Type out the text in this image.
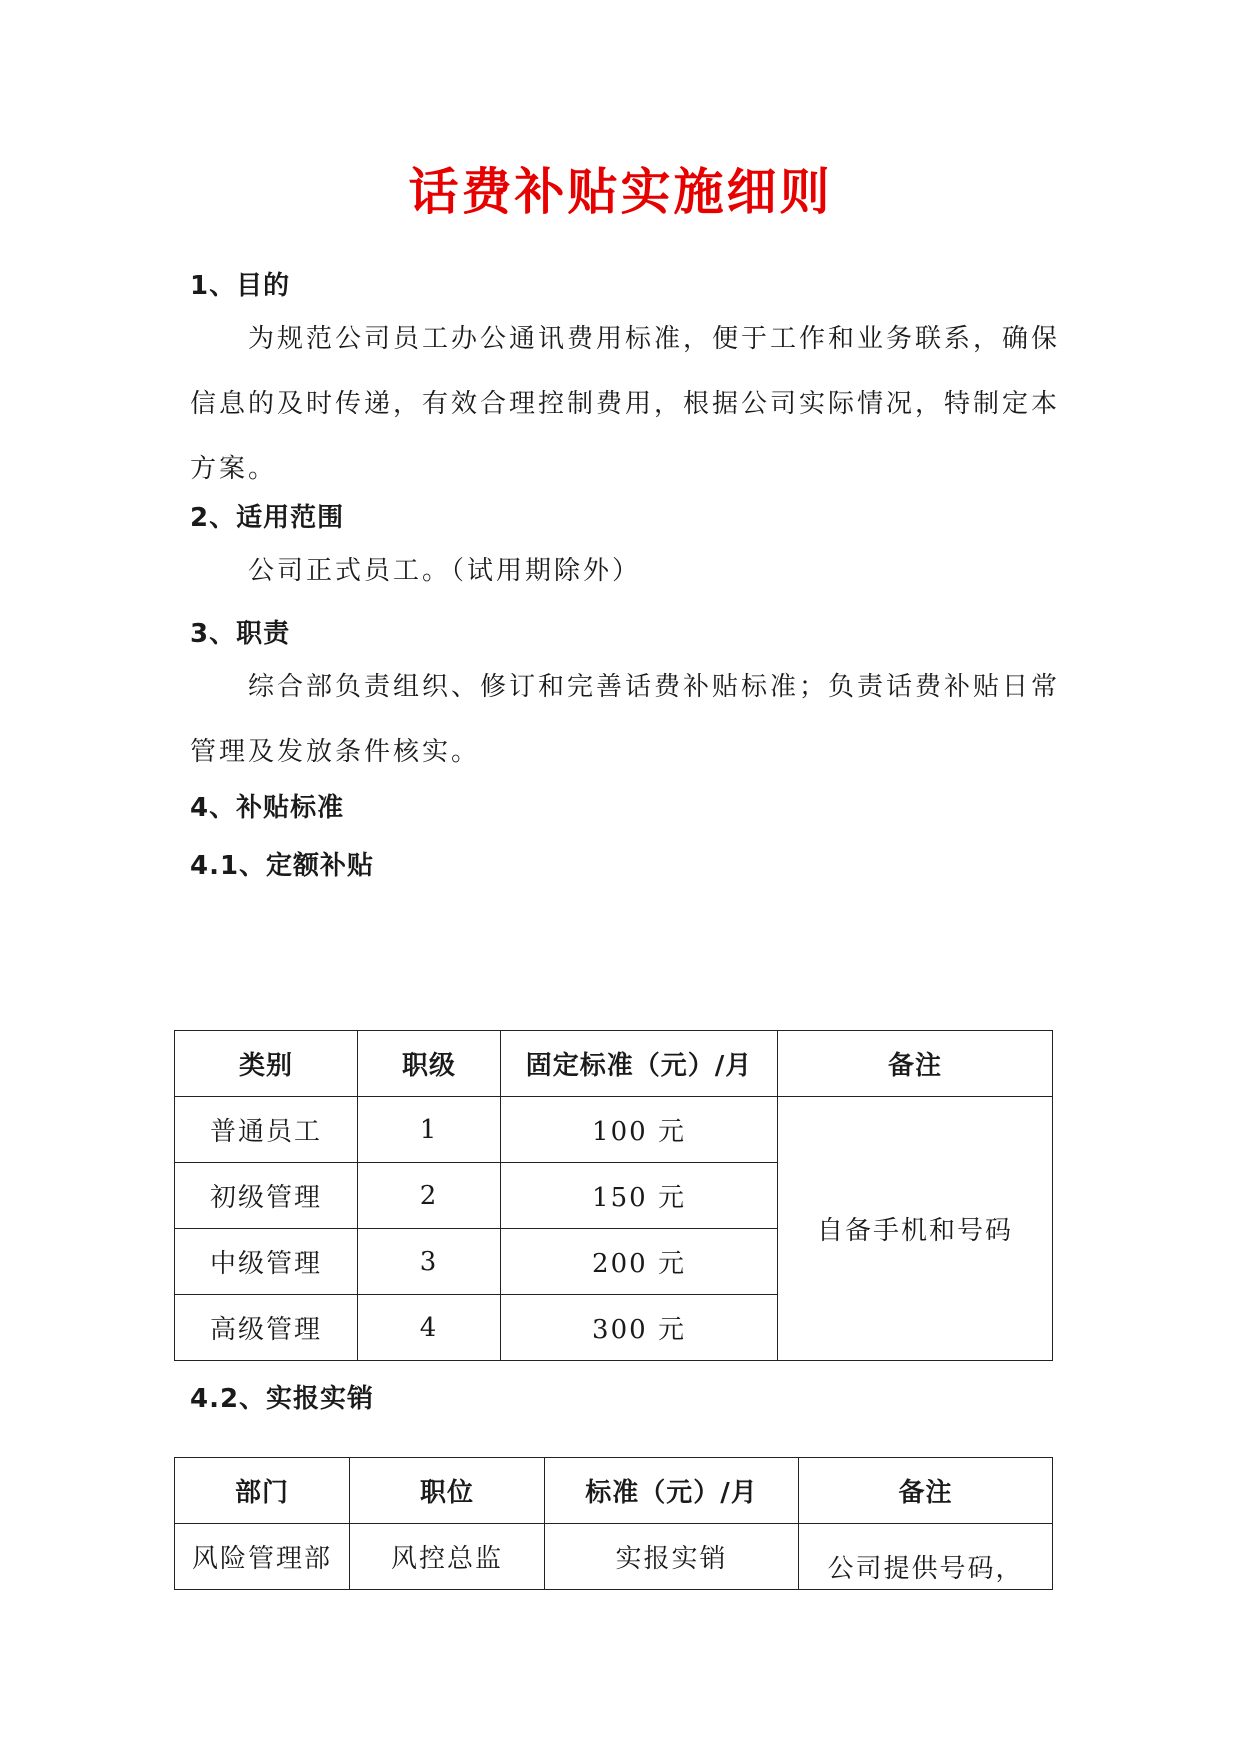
话费补贴实施细则
1、目的
为规范公司员工办公通讯费用标准，便于工作和业务联系，确保信息的及时传递，有效合理控制费用，根据公司实际情况，特制定本方案。
2、适用范围
公司正式员工。（试用期除外）
3、职责
综合部负责组织、修订和完善话费补贴标准；负责话费补贴日常管理及发放条件核实。
4、补贴标准
4.1、定额补贴
类别	职级	固定标准（元）/月	备注
普通员工	1	100 元	自备手机和号码
初级管理	2	150 元	
中级管理	3	200 元	
高级管理	4	300 元	
4.2、实报实销
部门	职位	标准（元）/月	备注
风险管理部	风控总监	实报实销	公司提供号码，
